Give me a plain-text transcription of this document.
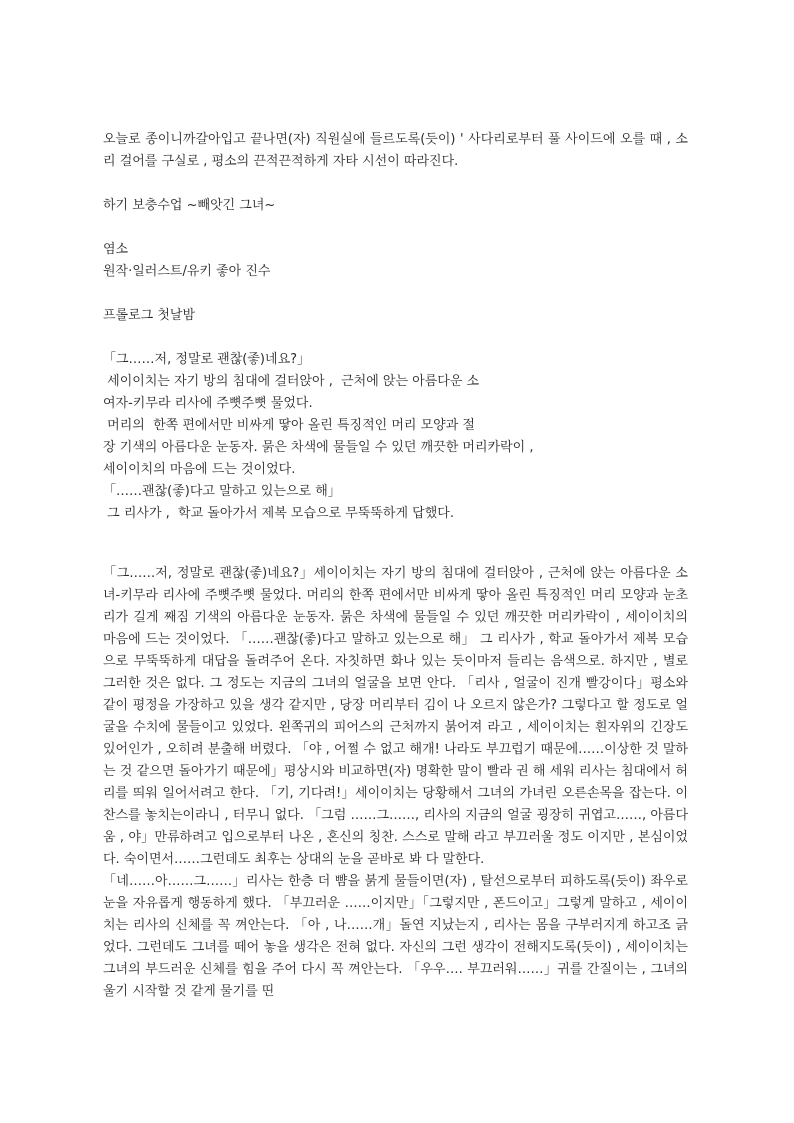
오늘로 종이니까갈아입고 끝나면(자) 직원실에 들르도록(듯이) ' 사다리로부터 풀 사이드에 오를 때 , 소리 걸어를 구실로 , 평소의 끈적끈적하게 자타 시선이 따라진다.

하기 보충수업 ~빼앗긴 그녀~
염소
원작·일러스트/유키 좋아 진수
프롤로그 첫날밤
「그……저, 정말로 괜찮(좋)네요?」
세이이치는 자기 방의 침대에 걸터앉아 ,  근처에 앉는 아름다운 소
여자-키무라 리사에 주뼛주뼛 물었다.
머리의  한쪽 편에서만 비싸게 땋아 올린 특징적인 머리 모양과 절
장 기색의 아름다운 눈동자. 묽은 차색에 물들일 수 있던 깨끗한 머리카락이 ,
세이이치의 마음에 드는 것이었다.
「……괜찮(좋)다고 말하고 있는으로 해」
그 리사가 ,  학교 돌아가서 제복 모습으로 무뚝뚝하게 답했다.

「그……저, 정말로 괜찮(좋)네요?」세이이치는 자기 방의 침대에 걸터앉아 , 근처에 앉는 아름다운 소녀-키무라 리사에 주뼛주뼛 물었다. 머리의 한쪽 편에서만 비싸게 땋아 올린 특징적인 머리 모양과 눈초리가 길게 째짐 기색의 아름다운 눈동자. 묽은 차색에 물들일 수 있던 깨끗한 머리카락이 , 세이이치의 마음에 드는 것이었다. 「……괜찮(좋)다고 말하고 있는으로 해」 그 리사가 , 학교 돌아가서 제복 모습으로 무뚝뚝하게 대답을 돌려주어 온다. 자칫하면 화나 있는 듯이마저 들리는 음색으로. 하지만 , 별로 그러한 것은 없다. 그 정도는 지금의 그녀의 얼굴을 보면 안다. 「리사 , 얼굴이 진개 빨강이다」평소와 같이 평정을 가장하고 있을 생각 같지만 , 당장 머리부터 김이 나 오르지 않은가? 그렇다고 할 정도로 얼굴을 수치에 물들이고 있었다. 왼쪽귀의 피어스의 근처까지 붉어져 라고 , 세이이치는 흰자위의 긴장도 있어인가 , 오히려 분출해 버렸다. 「야 , 어쩔 수 없고 해개! 나라도 부끄럽기 때문에……이상한 것 말하는 것 같으면 돌아가기 때문에」평상시와 비교하면(자) 명확한 말이 빨라 권 해 세워 리사는 침대에서 허리를 띄워 일어서려고 한다. 「기, 기다려!」세이이치는 당황해서 그녀의 가녀린 오른손목을 잡는다. 이 찬스를 놓치는이라니 , 터무니 없다. 「그럼 ……그……, 리사의 지금의 얼굴 굉장히 귀엽고……, 아름다움 , 야」만류하려고 입으로부터 나온 , 혼신의 칭찬. 스스로 말해 라고 부끄러울 정도 이지만 , 본심이었다. 숙이면서……그런데도 최후는 상대의 눈을 곧바로 봐 다 말한다.

「네……아……그……」리사는 한층 더 뺨을 붉게 물들이면(자) , 탈선으로부터 피하도록(듯이) 좌우로눈을 자유롭게 행동하게 했다. 「부끄러운 ……이지만」「그렇지만 , 폰드이고」그렇게 말하고 , 세이이치는 리사의 신체를 꼭 껴안는다. 「아 , 나……개」돌연 지났는지 , 리사는 몸을 구부러지게 하고조 긁었다. 그런데도 그녀를 떼어 놓을 생각은 전혀 없다. 자신의 그런 생각이 전해지도록(듯이) , 세이이치는 그녀의 부드러운 신체를 힘을 주어 다시 꼭 껴안는다. 「우우…. 부끄러워……」귀를 간질이는 , 그녀의 울기 시작할 것 같게 물기를 띤
